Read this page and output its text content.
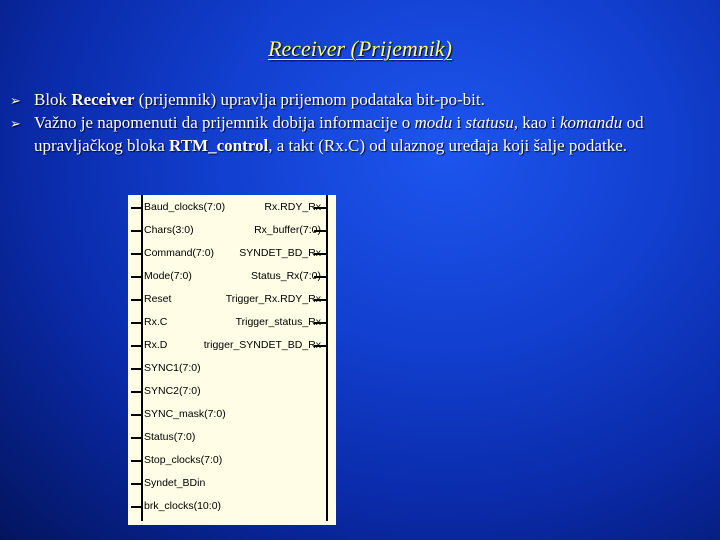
Receiver (Prijemnik)

➢ Blok Receiver (prijemnik) upravlja prijemom podataka bit-po-bit.

➢ Važno je napomenuti da prijemnik dobija informacije o modu i statusu, kao i komandu od upravljačkog bloka RTM_control, a takt (Rx.C) od ulaznog uređaja koji šalje podatke.

Baud_clocks(7:0)	Rx.RDY_Rx
Chars(3:0)	Rx_buffer(7:0)
Command(7:0) SYNDET_BD_Rx
Mode(7:0)	Status_Rx(7:0)
Reset	Trigger_Rx.RDY_Rx
Rx.C	Trigger_status_Rx
Rx.D	trigger_SYNDET_BD_Rx
SYNC1(7:0)
SYNC2(7:0)
SYNC_mask(7:0)
Status(7:0)
Stop_clocks(7:0)
Syndet_BDin
brk_clocks(10:0)
